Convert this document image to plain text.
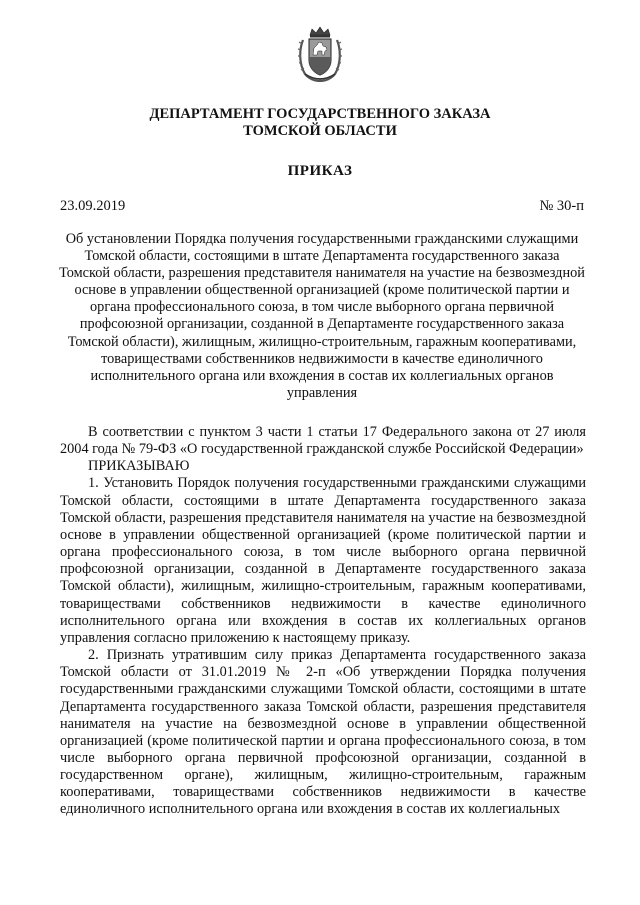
ДЕПАРТАМЕНТ ГОСУДАРСТВЕННОГО ЗАКАЗА
ТОМСКОЙ ОБЛАСТИ
ПРИКАЗ
23.09.2019	№ 30-п
Об установлении Порядка получения государственными гражданскими служащими Томской области, состоящими в штате Департамента государственного заказа Томской области, разрешения представителя нанимателя на участие на безвозмездной основе в управлении общественной организацией (кроме политической партии и органа профессионального союза, в том числе выборного органа первичной профсоюзной организации, созданной в Департаменте государственного заказа Томской области), жилищным, жилищно-строительным, гаражным кооперативами, товариществами собственников недвижимости в качестве единоличного исполнительного органа или вхождения в состав их коллегиальных органов управления

В соответствии с пунктом 3 части 1 статьи 17 Федерального закона от 27 июля 2004 года № 79-ФЗ «О государственной гражданской службе Российской Федерации»

ПРИКАЗЫВАЮ

1. Установить Порядок получения государственными гражданскими служащими Томской области, состоящими в штате Департамента государственного заказа Томской области, разрешения представителя нанимателя на участие на безвозмездной основе в управлении общественной организацией (кроме политической партии и органа профессионального союза, в том числе выборного органа первичной профсоюзной организации, созданной в Департаменте государственного заказа Томской области), жилищным, жилищно-строительным, гаражным кооперативами, товариществами собственников недвижимости в качестве единоличного исполнительного органа или вхождения в состав их коллегиальных органов управления согласно приложению к настоящему приказу.

2. Признать утратившим силу приказ Департамента государственного заказа Томской области от 31.01.2019 № 2-п «Об утверждении Порядка получения государственными гражданскими служащими Томской области, состоящими в штате Департамента государственного заказа Томской области, разрешения представителя нанимателя на участие на безвозмездной основе в управлении общественной организацией (кроме политической партии и органа профессионального союза, в том числе выборного органа первичной профсоюзной организации, созданной в государственном органе), жилищным, жилищно-строительным, гаражным кооперативами, товариществами собственников недвижимости в качестве единоличного исполнительного органа или вхождения в состав их коллегиальных
